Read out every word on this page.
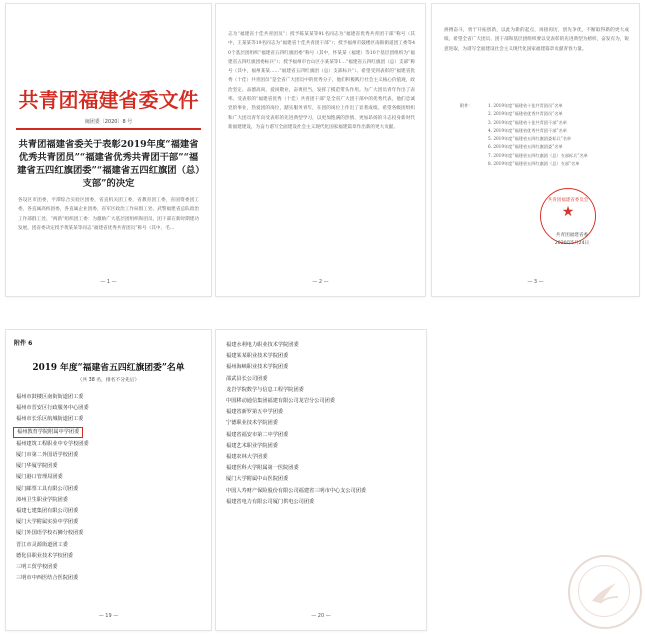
共青团福建省委文件
闽团委〔2020〕8 号
共青团福建省委关于表彰2019年度“福建省优秀共青团员”“福建省优秀共青团干部”“福建省五四红旗团委”“福建省五四红旗团（总）支部”的决定
各设区市团委，平潭综合实验区团委，省直机关团工委，省教育团工委，省国资委团工委，各直属高校团委，各直属企业团委，省军区政治工作局群工处、武警福建省总队政治工作部群工处、“两新”组织团工委：为激励广大基层团组织和团员、团干部在新时期建功发展，团省委决定授予黄某某等同志“福建省优秀共青团员”称号（其中，毛…
— 1 —
志为“福建省十佳共青团员”；授予陈某某等91名同志为“福建省优秀共青团干部”称号（其中，王某某等19名同志为“福建省十佳共青团干部”）；授予福州市鼓楼区南街街道团工委等40个基层团组织“福建省五四红旗团委”称号（其中，怀某某（福建）等10个基层团组织为“福建省五四红旗团委标兵”）；授予福州市台山区小某某等1…“福建省五四红旗团（总）支部”称号（其中，福州某某……“福建省五四红旗团（总）支部标兵”）。希望受到表彰的“福建省优秀（十佳）共青团员”是全省广大团员中的优秀分子，他们积极践行社会主义核心价值观，政治坚定、品德高尚，爱岗敬业，奋勇担当，发挥了模范带头作用。为广大团员青年作出了表率。受表彰的“福建省优秀（十佳）共青团干部”是全省广大团干部中的优秀代表，他们忠诚党的事业，热爱团的岗位，踏实服务青年，在团的岗位上作出了显著成绩。希望各级团组织和广大团员青年向受表彰的先进典型学习，以更加饱满的热情、更加昂扬的斗志投身新时代新福建建设，为奋力谱写全面建设社会主义现代化国家福建篇章作出新的更大贡献。
— 2 —
拼搏奋斗，勇于开拓创新，以此为新的起点，再接再厉，创先争优，不断取得新的更大成绩。希望全省广大团员、团干部和基层团组织要以受表彰的先进典型为榜样，奋发有为，锐意进取，为谱写全面建设社会主义现代化国家福建篇章贡献青春力量。
附件：	1. 2019年度“福建省十佳共青团员”名单
2. 2019年度“福建省优秀共青团员”名单
3. 2019年度“福建省十佳共青团干部”名单
4. 2019年度“福建省优秀共青团干部”名单
5. 2019年度“福建省五四红旗团委标兵”名单
6. 2019年度“福建省五四红旗团委”名单
7. 2019年度“福建省五四红旗团（总）支部标兵”名单
8. 2019年度“福建省五四红旗团（总）支部”名单
共青团福建省委员会
★
共青团福建省委
2020年5月24日
— 3 —
附件 6
2019 年度“福建省五四红旗团委”名单
（共 38 名，排名不分先后）
福州市鼓楼区南街街道团工委
福州市晋安区行政服务中心团委
福州市长乐区航城街道团工委
福州教育学院附属中学团委

福州建筑工程职业中专学校团委
厦门市第二外国语学校团委
厦门华厦学院团委
厦门港口管理局团委
厦门邮票工具有限公司团委
漳州卫生职业学院团委
福建七建集团有限公司团委
厦门大学附属实验中学团委
厦门外国语学校石狮分校团委
晋江市灵源街道团工委
德化县职业技术学校团委
三明工贸学校团委
三明市中西医结合医院团委
— 19 —
福建水利电力职业技术学院团委
福建某某职业技术学院团委
福州海峡职业技术学院团委
邵武县长公司团委
龙岩学院数学与信息工程学院团委
中国移动通信集团福建有限公司龙岩分公司团委
福建省新罗第五中学团委
宁德职业技术学院团委
福建省福安市第二中学团委
福建艺术职业学院团委
福建农林大学团委
福建医科大学附属第一医院团委
厦门大学附属中山医院团委
中国人寿财产保险股份有限公司福建省三明市中心支公司团委
福建省电力有限公司厦门供电公司团委
— 20 —
